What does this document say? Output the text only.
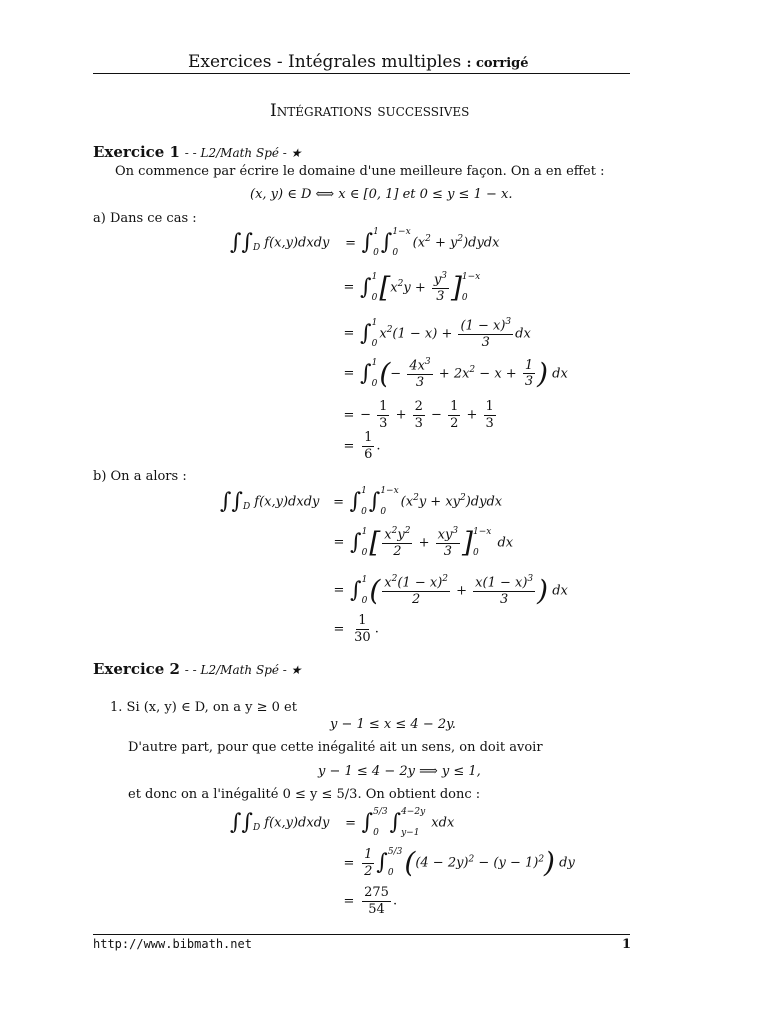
Exercices - Intégrales multiples : corrigé
Intégrations successives
Exercice 1 - - L2/Math Spé - ★
On commence par écrire le domaine d'une meilleure façon. On a en effet :
(x, y) ∈ D ⟺ x ∈ [0, 1] et 0 ≤ y ≤ 1 − x.
a) Dans ce cas :
$\int\int_D$ f(x,y)dxdy = ∫ 1
0 ∫ 1−x
0
($x^2$ + $y^2)dydx$
= ∫ 1
0 [$x^2y + \frac{y^3}{3}$ ] 1−x
0
= ∫ 1
0
$x^2(1 - x) + \frac{(1 - x)^3}{3}$ dx
= ∫ 1
0 (− $\frac{4x^3}{3} + 2x^2 - x + \frac{1}{3}$ ) dx
= − $\frac{1}{3} + \frac{2}{3} - \frac{1}{2} + \frac{1}{3}$
= $\frac{1}{6}$ .
b) On a alors :
$\int\int_D$ f(x,y)dxdy = ∫ 1
0 ∫ 1−x
0
($x^2y$ + $xy^2)dydx$
= ∫ 1
0 [ $\frac{x^2y^2}{2} + \frac{xy^3}{3}$ ] 1−x
0
dx
= ∫ 1
0 ( $\frac{x^2(1 - x)^2}{2} + \frac{x(1 - x)^3}{3}$ ) dx
= $\frac{1}{30}$ .
Exercice 2 - - L2/Math Spé - ★
1. Si (x, y) ∈ D, on a y ≥ 0 et
y − 1 ≤ x ≤ 4 − 2y.
D'autre part, pour que cette inégalité ait un sens, on doit avoir
y − 1 ≤ 4 − 2y ⟹ y ≤ 1,
et donc on a l'inégalité 0 ≤ y ≤ 5/3. On obtient donc :
$\int\int_D$ f(x,y)dxdy = ∫ 5/3
0 ∫ 4−2y
y−1
xdx
= $\frac{1}{2}$ ∫ 5/3
0 $((4 - 2y)^2 - (y - 1)^2)$ dy
= $\frac{275}{54}$ .
http://www.bibmath.net	1
